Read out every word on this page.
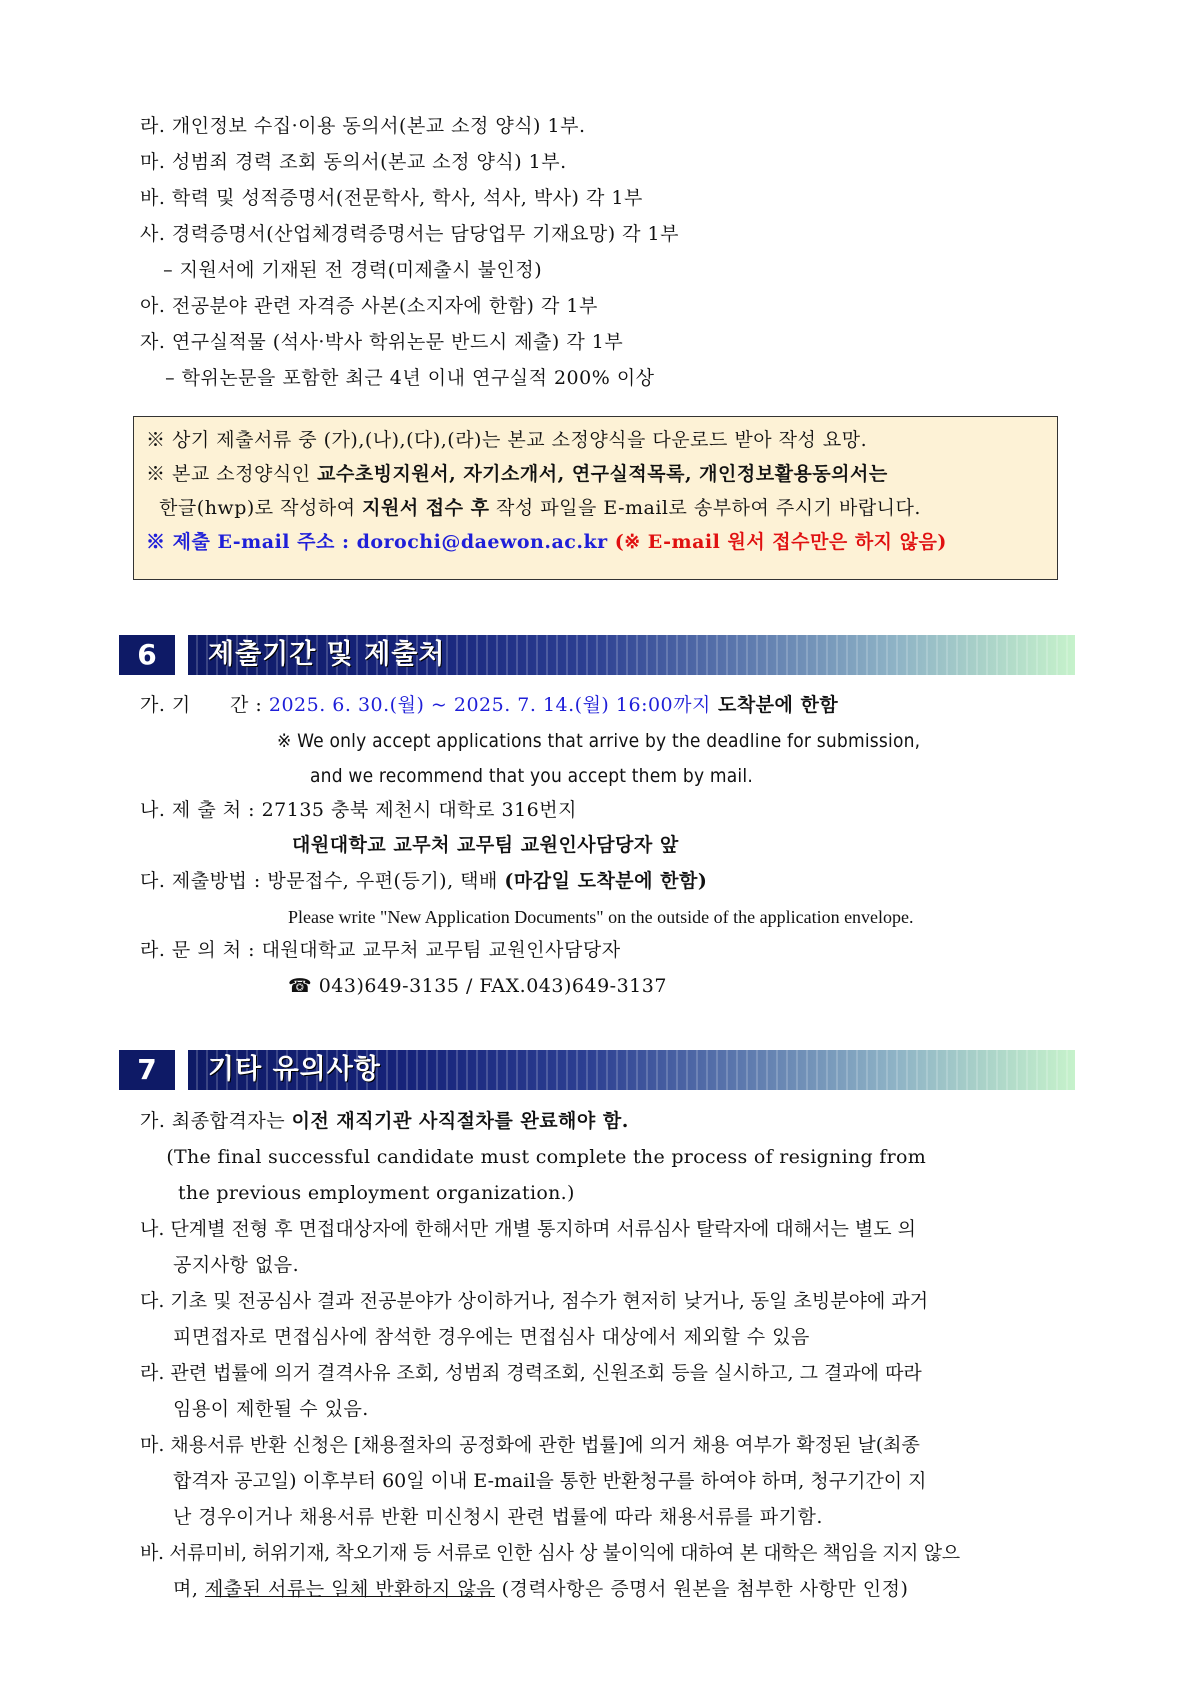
라. 개인정보 수집·이용 동의서(본교 소정 양식) 1부.
마. 성범죄 경력 조회 동의서(본교 소정 양식) 1부.
바. 학력 및 성적증명서(전문학사, 학사, 석사, 박사) 각 1부
사. 경력증명서(산업체경력증명서는 담당업무 기재요망) 각 1부
– 지원서에 기재된 전 경력(미제출시 불인정)
아. 전공분야 관련 자격증 사본(소지자에 한함) 각 1부
자. 연구실적물 (석사·박사 학위논문 반드시 제출) 각 1부
– 학위논문을 포함한 최근 4년 이내 연구실적 200% 이상
※ 상기 제출서류 중 (가),(나),(다),(라)는 본교 소정양식을 다운로드 받아 작성 요망.
※ 본교 소정양식인 교수초빙지원서, 자기소개서, 연구실적목록, 개인정보활용동의서는
한글(hwp)로 작성하여 지원서 접수 후 작성 파일을 E-mail로 송부하여 주시기 바랍니다.
※ 제출 E-mail 주소 : dorochi@daewon.ac.kr (※ E-mail 원서 접수만은 하지 않음)
6	제출기간 및 제출처
가. 기      간 : 2025. 6. 30.(월) ~ 2025. 7. 14.(월) 16:00까지 도착분에 한함
※ We only accept applications that arrive by the deadline for submission,
and we recommend that you accept them by mail.
나. 제 출 처 : 27135 충북 제천시 대학로 316번지
대원대학교 교무처 교무팀 교원인사담당자 앞
다. 제출방법 : 방문접수, 우편(등기), 택배 (마감일 도착분에 한함)
Please write "New Application Documents" on the outside of the application envelope.
라. 문 의 처 : 대원대학교 교무처 교무팀 교원인사담당자
☎ 043)649-3135 / FAX.043)649-3137
7	기타 유의사항
가. 최종합격자는 이전 재직기관 사직절차를 완료해야 함.
(The final successful candidate must complete the process of resigning from
the previous employment organization.)
나. 단계별 전형 후 면접대상자에 한해서만 개별 통지하며 서류심사 탈락자에 대해서는 별도 의
공지사항 없음.
다. 기초 및 전공심사 결과 전공분야가 상이하거나, 점수가 현저히 낮거나, 동일 초빙분야에 과거
피면접자로 면접심사에 참석한 경우에는 면접심사 대상에서 제외할 수 있음
라. 관련 법률에 의거 결격사유 조회, 성범죄 경력조회, 신원조회 등을 실시하고, 그 결과에 따라
임용이 제한될 수 있음.
마. 채용서류 반환 신청은 [채용절차의 공정화에 관한 법률]에 의거 채용 여부가 확정된 날(최종
합격자 공고일) 이후부터 60일 이내 E-mail을 통한 반환청구를 하여야 하며, 청구기간이 지
난 경우이거나 채용서류 반환 미신청시 관련 법률에 따라 채용서류를 파기함.
바. 서류미비, 허위기재, 착오기재 등 서류로 인한 심사 상 불이익에 대하여 본 대학은 책임을 지지 않으
며, 제출된 서류는 일체 반환하지 않음 (경력사항은 증명서 원본을 첨부한 사항만 인정)
